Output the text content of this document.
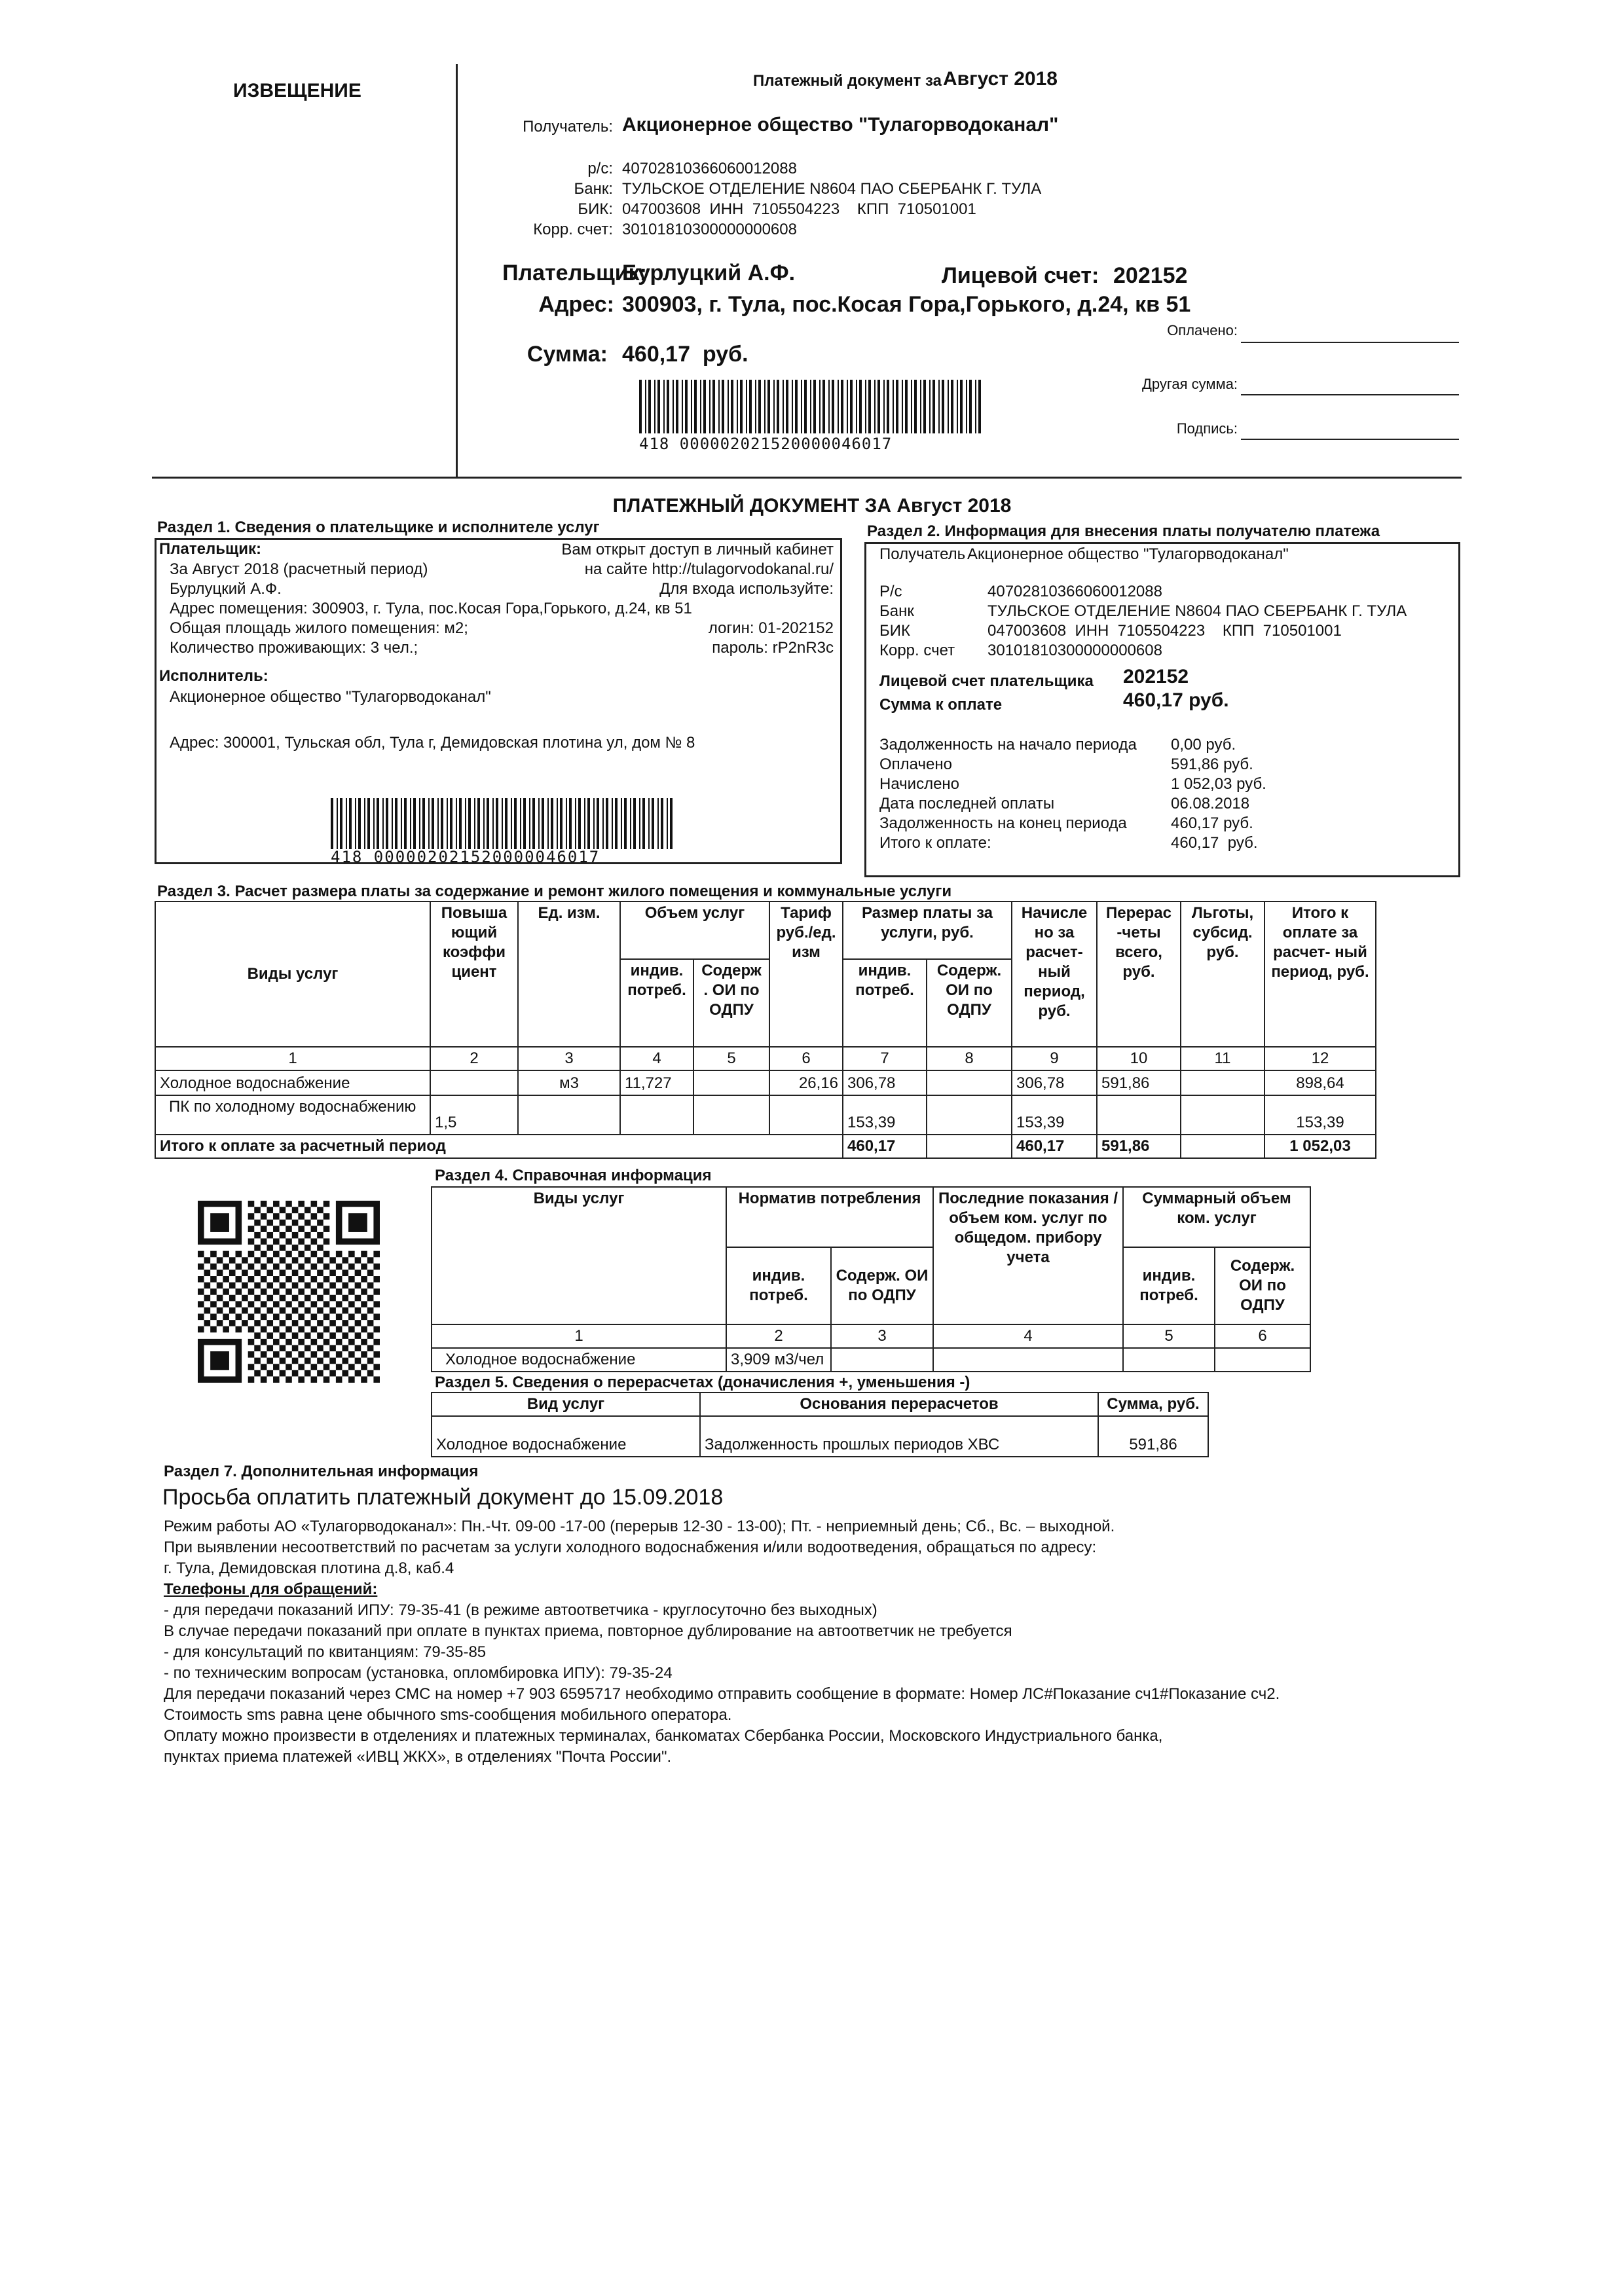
ИЗВЕЩЕНИЕ	Платежный документ за Август 2018
Получатель: Акционерное общество "Тулагорводоканал"
р/с: 40702810366060012088
Банк: ТУЛЬСКОЕ ОТДЕЛЕНИЕ N8604 ПАО СБЕРБАНК Г. ТУЛА
БИК: 047003608  ИНН  7105504223    КПП  710501001
Корр. счет: 30101810300000000608
Плательщик:
Бурлуцкий А.Ф.	Лицевой счет: 202152
Адрес: 300903, г. Тула, пос.Косая Гора,Горького, д.24, кв 51
Сумма: 460,17  руб.
418 000002021520000046017
Оплачено:
Другая сумма:
Подпись:
ПЛАТЕЖНЫЙ ДОКУМЕНТ ЗА Август 2018
Раздел 1. Сведения о плательщике и исполнителе услуг
Плательщик:
За Август 2018 (расчетный период)
Бурлуцкий А.Ф.
Адрес помещения: 300903, г. Тула, пос.Косая Гора,Горького, д.24, кв 51
Общая площадь жилого помещения: м2;
Количество проживающих: 3 чел.;
Вам открыт доступ в личный кабинет
на сайте http://tulagorvodokanal.ru/
Для входа используйте:
логин: 01-202152
пароль: rP2nR3c
Исполнитель:
Акционерное общество "Тулагорводоканал"
Адрес: 300001, Тульская обл, Тула г, Демидовская плотина ул, дом № 8
418 000002021520000046017
Раздел 2. Информация для внесения платы получателю платежа
Получатель Акционерное общество "Тулагорводоканал"
Р/с	40702810366060012088
Банк	ТУЛЬСКОЕ ОТДЕЛЕНИЕ N8604 ПАО СБЕРБАНК Г. ТУЛА
БИК	047003608  ИНН  7105504223    КПП  710501001
Корр. счет	30101810300000000608
Лицевой счет плательщика 202152
Сумма к оплате	460,17 руб.
Задолженность на начало периода	0,00 руб.
Оплачено	591,86 руб.
Начислено	1 052,03 руб.
Дата последней оплаты	06.08.2018
Задолженность на конец периода	460,17 руб.
Итого к оплате:	460,17  руб.
Раздел 3. Расчет размера платы за содержание и ремонт жилого помещения и коммунальные услуги
Виды услуг	Повыша ющий коэффи циент	Ед. изм.	Объем услуг		Тариф руб./ед. изм	Размер платы за услуги, руб.		Начисле но за расчет- ный период, руб.	Перерас -четы всего, руб.	Льготы, субсид. руб.	Итого к оплате за расчет- ный период, руб.
			индив. потреб.	Содерж . ОИ по ОДПУ		индив. потреб.	Содерж. ОИ по ОДПУ				
1	2	3	4	5	6	7	8	9	10	11	12
Холодное водоснабжение		м3	11,727		26,16	306,78		306,78	591,86		898,64
ПК по холодному водоснабжению	1,5					153,39		153,39			153,39
Итого к оплате за расчетный период						460,17		460,17	591,86		1 052,03
Раздел 4. Справочная информация
Виды услуг	Норматив потребления		Последние показания / объем ком. услуг по общедом. прибору учета	Суммарный объем ком. услуг	
	индив. потреб.	Содерж. ОИ по ОДПУ		индив. потреб.	Содерж. ОИ по ОДПУ
1	2	3	4	5	6
Холодное водоснабжение	3,909 м3/чел				
Раздел 5. Сведения о перерасчетах (доначисления +, уменьшения -)
Вид услуг	Основания перерасчетов	Сумма, руб.
Холодное водоснабжение	Задолженность прошлых периодов ХВС	591,86
Раздел 7. Дополнительная информация
Просьба оплатить платежный документ до 15.09.2018
Режим работы АО «Тулагорводоканал»: Пн.-Чт. 09-00 -17-00 (перерыв 12-30 - 13-00); Пт. - неприемный день; Сб., Вс. – выходной.
При выявлении несоответствий по расчетам за услуги холодного водоснабжения и/или водоотведения, обращаться по адресу:
г. Тула, Демидовская плотина д.8, каб.4
Телефоны для обращений:
- для передачи показаний ИПУ: 79-35-41 (в режиме автоответчика - круглосуточно без выходных)
В случае передачи показаний при оплате в пунктах приема, повторное дублирование на автоответчик не требуется
- для консультаций по квитанциям: 79-35-85
- по техническим вопросам (установка, опломбировка ИПУ): 79-35-24
Для передачи показаний через СМС на номер +7 903 6595717 необходимо отправить сообщение в формате: Номер ЛС#Показание сч1#Показание сч2.
Стоимость sms равна цене обычного sms-сообщения мобильного оператора.
Оплату можно произвести в отделениях и платежных терминалах, банкоматах Сбербанка России, Московского Индустриального банка,
пунктах приема платежей «ИВЦ ЖКХ», в отделениях "Почта России".
